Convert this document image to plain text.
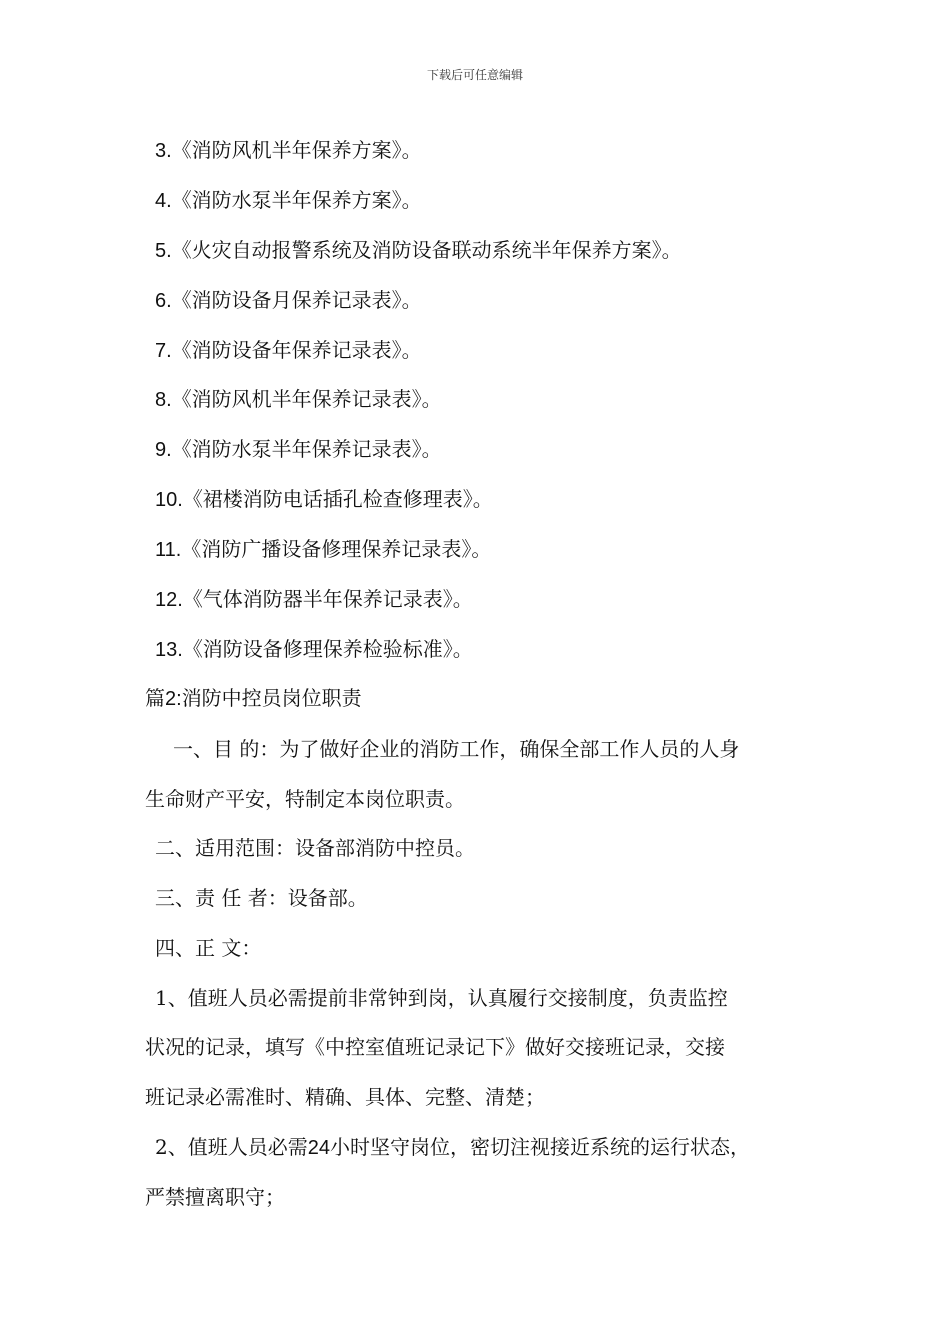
下载后可任意编辑
3.《消防风机半年保养方案》。
4.《消防水泵半年保养方案》。
5.《火灾自动报警系统及消防设备联动系统半年保养方案》。
6.《消防设备月保养记录表》。
7.《消防设备年保养记录表》。
8.《消防风机半年保养记录表》。
9.《消防水泵半年保养记录表》。
10.《裙楼消防电话插孔检查修理表》。
11.《消防广播设备修理保养记录表》。
12.《气体消防器半年保养记录表》。
13.《消防设备修理保养检验标准》。
篇2:消防中控员岗位职责
一、目 的：为了做好企业的消防工作，确保全部工作人员的人身
生命财产平安，特制定本岗位职责。
二、适用范围：设备部消防中控员。
三、责 任 者：设备部。
四、正 文：
1、值班人员必需提前非常钟到岗，认真履行交接制度，负责监控
状况的记录，填写《中控室值班记录记下》做好交接班记录，交接
班记录必需准时、精确、具体、完整、清楚；
2、值班人员必需24小时坚守岗位，密切注视接近系统的运行状态，
严禁擅离职守；
